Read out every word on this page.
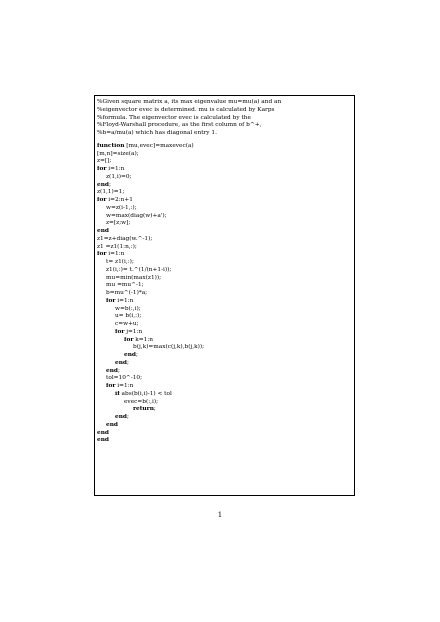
%Given square matrix a, its max eigenvalue mu=mu(a) and an
%eigenvector evec is determined. mu is calculated by Karps
%formula. The eigenvector evec is calculated by the
%Floyd-Warshall procedure, as the first column of b^+,
%b=a/mu(a) which has diagonal entry 1.
function [mu,evec]=maxevec(a)
[m,n]=size(a);
z=[];
for i=1:n
z(1,i)=0;
end;
z(1,1)=1;
for i=2:n+1
w=z(i-1,:);
w=max(diag(w)+a');
z=[z;w];
end
z1=z+diag(w.^-1);
z1 =z1(1:n,:);
for i=1:n
t= z1(i,:);
z1(i,:)= t.^(1/(n+1-i));
mu=min(max(z1));
mu =mu^-1;
b=mu^(-1)*a;
for i=1:n
w=b(:,i);
u= b(i,:);
c=w+u;
for j=1:n
for k=1:n
b(j,k)=max(c(j,k),b(j,k));
end;
end;
end;
tol=10^-10;
for i=1:n
if abs(b(i,i)-1) < tol
evec=b(:,i);
return;
end;
end
end
end
1
